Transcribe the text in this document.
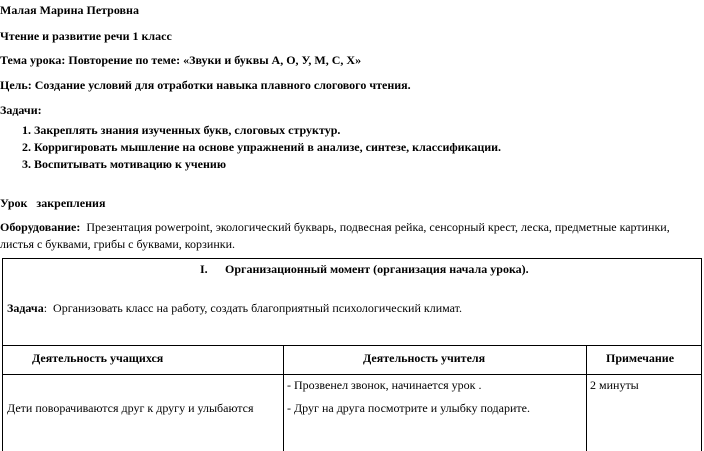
Малая Марина Петровна
Чтение и развитие речи 1 класс
Тема урока: Повторение по теме: «Звуки и буквы А, О, У, М, С, Х»
Цель: Создание условий для отработки навыка плавного слогового чтения.
Задачи:
1. Закреплять знания изученных букв, слоговых структур.
2. Корригировать мышление на основе упражнений в анализе, синтезе, классификации.
3. Воспитывать мотивацию к учению
Урок   закрепления
Оборудование:  Презентация powerpoint, экологический букварь, подвесная рейка, сенсорный крест, леска, предметные картинки, листья с буквами, грибы с буквами, корзинки.
I. Организационный момент (организация начала урока).
Задача:  Организовать класс на работу, создать благоприятный психологический климат.
Деятельность учащихся	Деятельность учителя	Примечание
Дети поворачиваются друг к другу и улыбаются
- Прозвенел звонок, начинается урок .
- Друг на друга посмотрите и улыбку подарите.
2 минуты
